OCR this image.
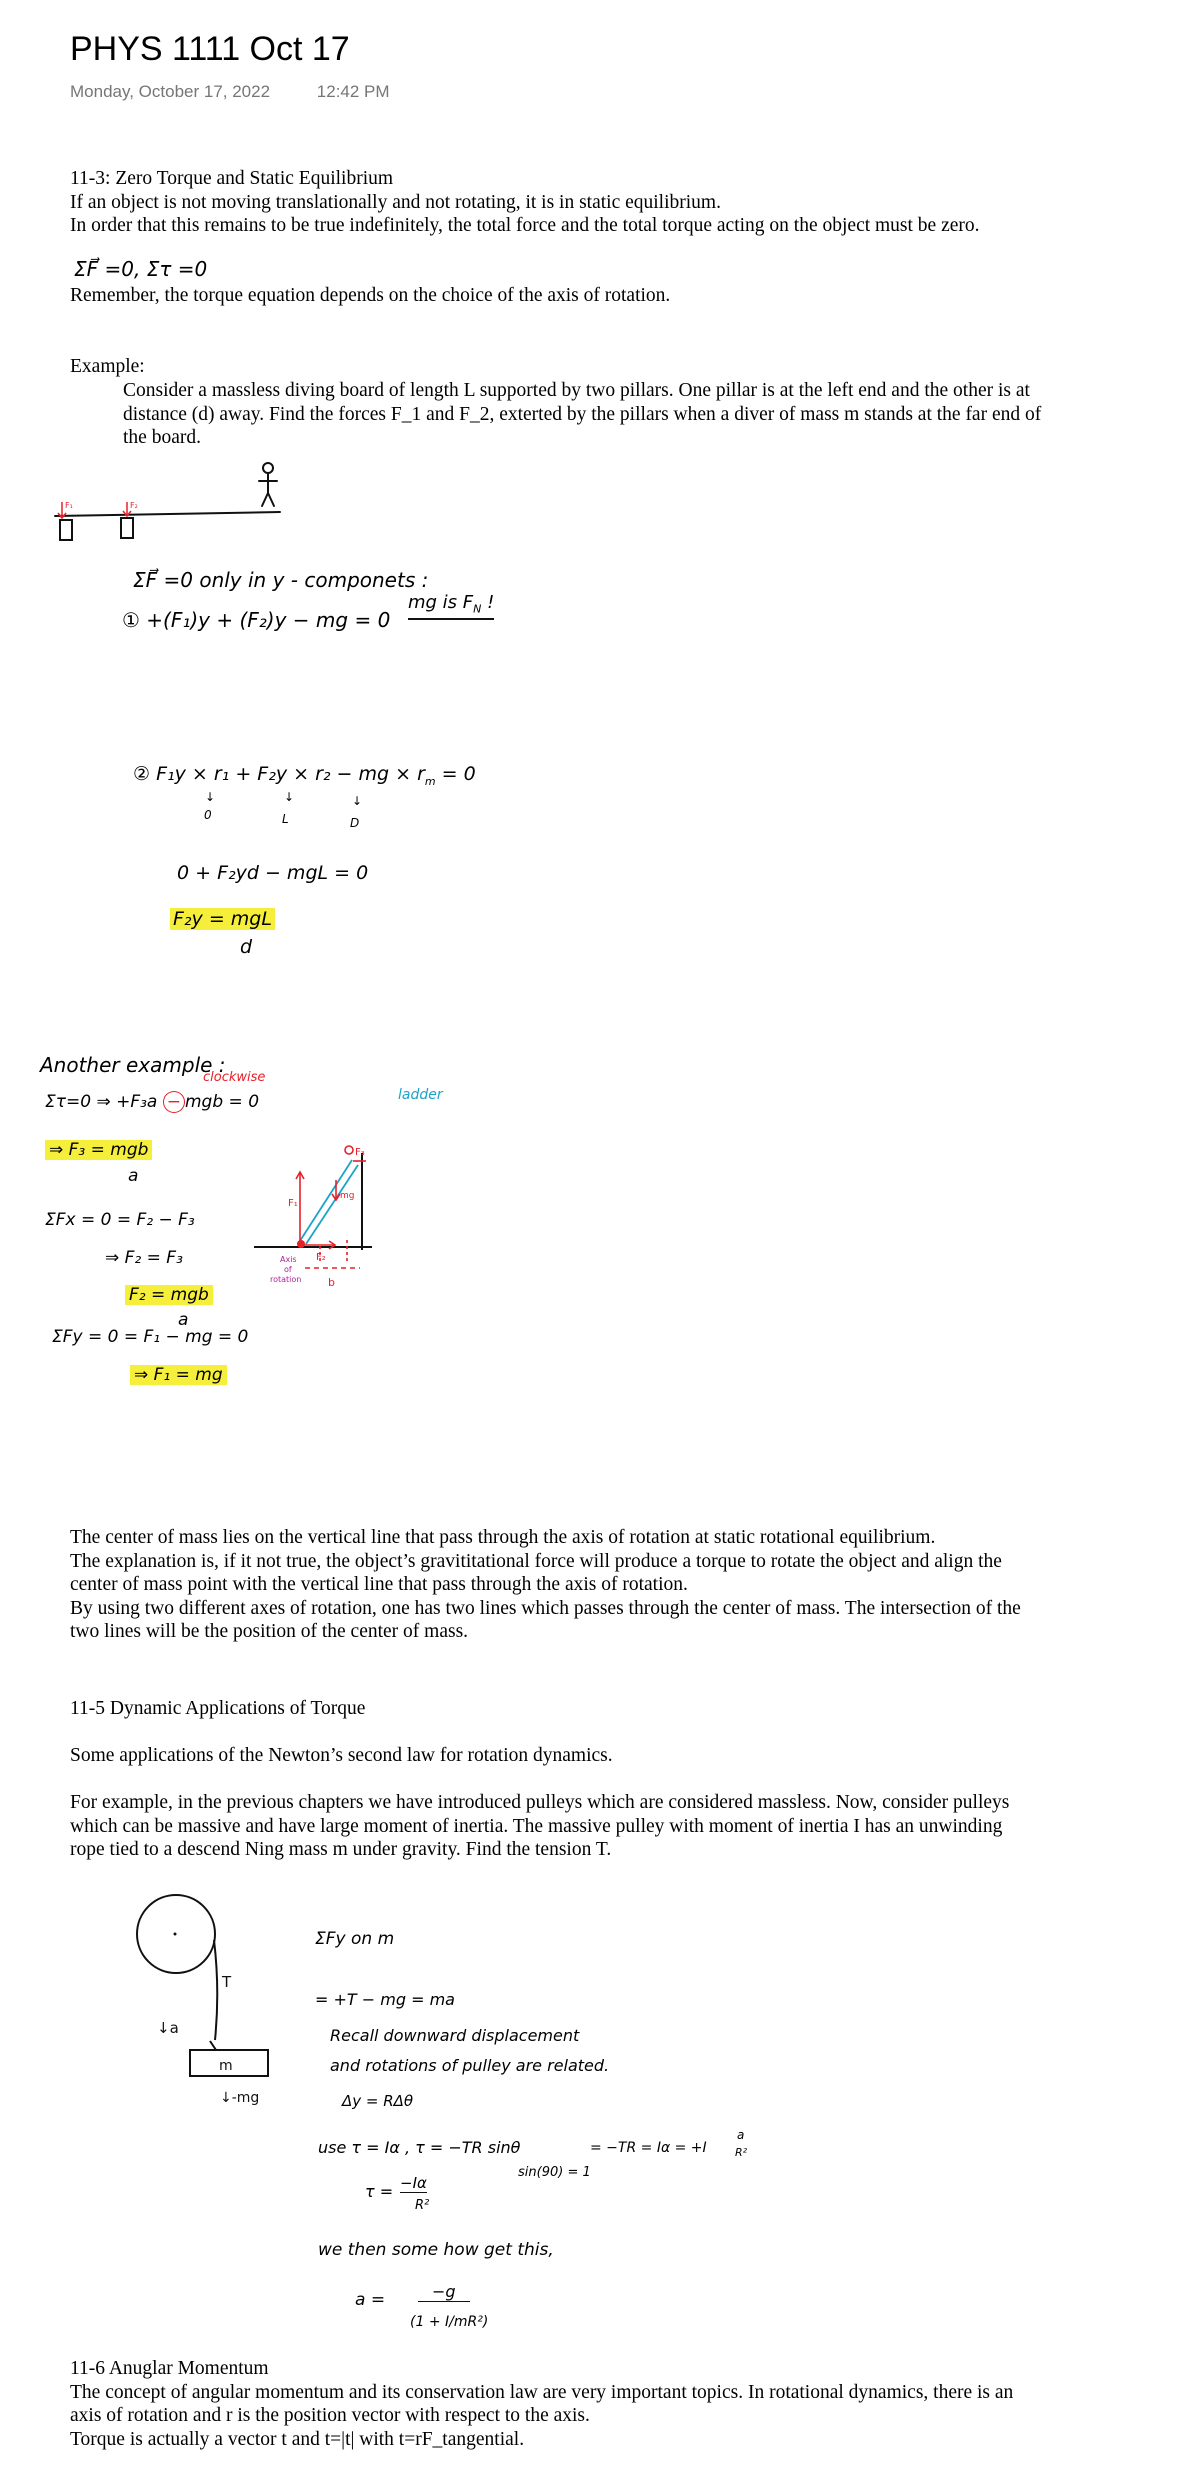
PHYS 1111 Oct 17
Monday, October 17, 2022	12:42 PM
11-3: Zero Torque and Static Equilibrium
If an object is not moving translationally and not rotating, it is in static equilibrium.
In order that this remains to be true indefinitely, the total force and the total torque acting on the object must be zero.
ΣF⃗ =0, Στ =0
Remember, the torque equation depends on the choice of the axis of rotation.
Example:
Consider a massless diving board of length L supported by two pillars. One pillar is at the left end and the other is at distance (d) away. Find the forces F_1 and F_2, exterted by the pillars when a diver of mass m stands at the far end of the board.
F₁	F₂
ΣF⃗ =0 only in y - componets :
① +(F₁)y + (F₂)y − mg = 0
mg is $F_N$ !
② F₁y × r₁ + F₂y × r₂ − mg × $r_m = 0$
↓
0
↓
L
↓
D
0 + F₂yd − mgL = 0
F₂y = mgL
d
Another example :
clockwise
ladder
Στ=0 ⇒ +F₃a − mgb = 0
⇒ F₃ = mgb
a
ΣFx = 0 = F₂ − F₃
⇒ F₂ = F₃
F₂ = mgb
a
ΣFy = 0 = F₁ − mg = 0
⇒ F₁ = mg
F₁
F₂
F₃
mg
Axis
of
rotation b
The center of mass lies on the vertical line that pass through the axis of rotation at static rotational equilibrium.
The explanation is, if it not true, the object’s gravititational force will produce a torque to rotate the object and align the center of mass point with the vertical line that pass through the axis of rotation.
By using two different axes of rotation, one has two lines which passes through the center of mass. The intersection of the two lines will be the position of the center of mass.
11-5 Dynamic Applications of Torque
Some applications of the Newton’s second law for rotation dynamics.
For example, in the previous chapters we have introduced pulleys which are considered massless. Now, consider pulleys which can be massive and have large moment of inertia. The massive pulley with moment of inertia I has an unwinding rope tied to a descend Ning mass m under gravity. Find the tension T.
T
↓a
m
↓-mg
ΣFy on m
= +T − mg = ma
Recall downward displacement
and rotations of pulley are related.
Δy = RΔθ
use τ = Iα , τ = −TR sinθ	= −TR = Iα = +I
a
R²
sin(90) = 1
τ = −Iα
R²
we then some how get this,
a =	−g
(1 + I/mR²)
11-6 Anuglar Momentum
The concept of angular momentum and its conservation law are very important topics. In rotational dynamics, there is an axis of rotation and r is the position vector with respect to the axis.
Torque is actually a vector t and t=|t| with t=rF_tangential.
